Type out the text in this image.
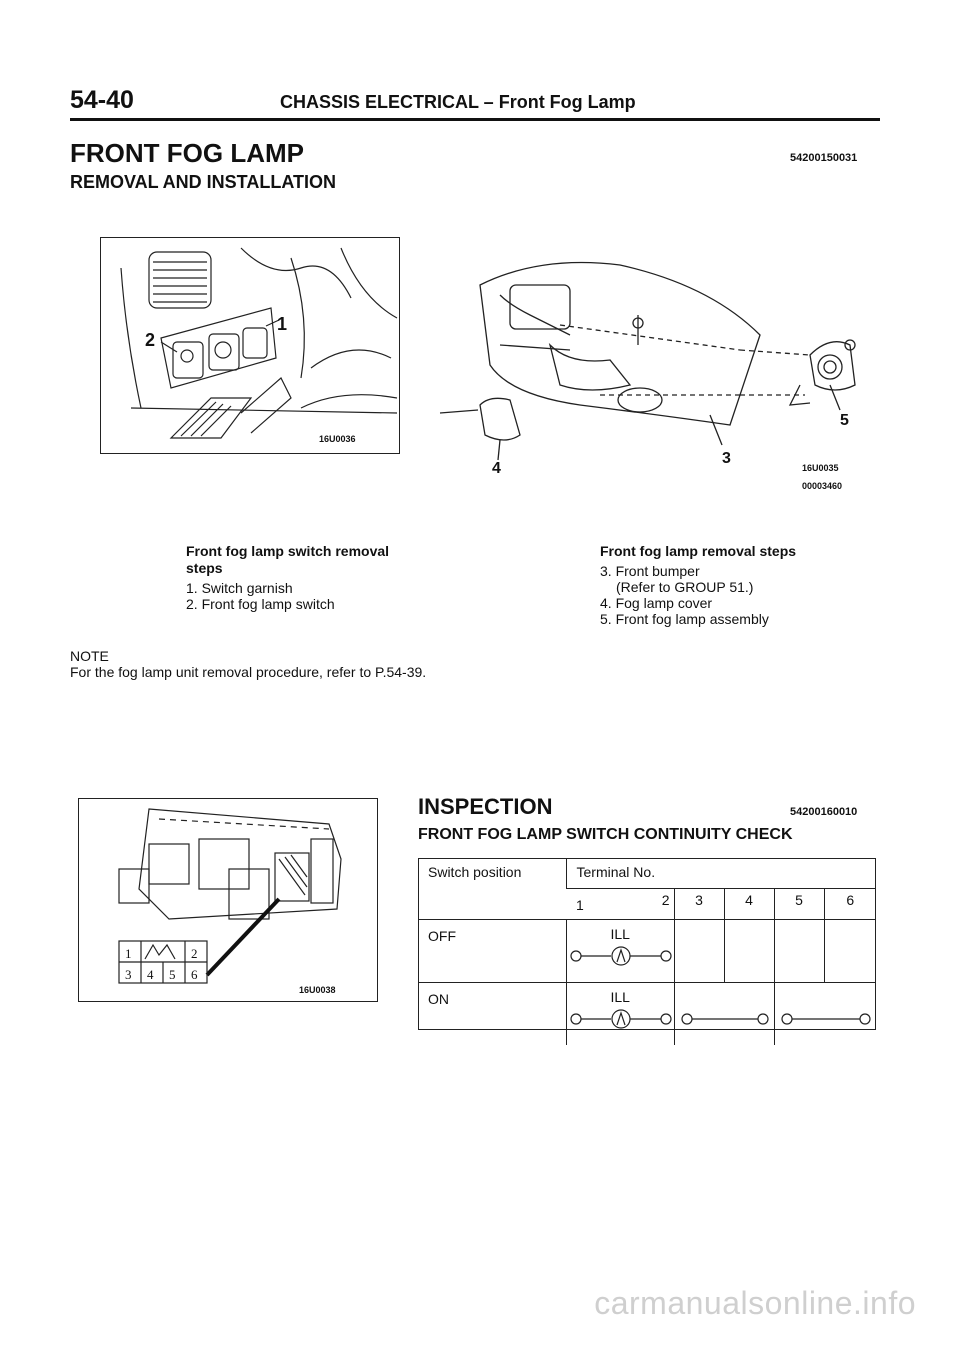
54-40	CHASSIS ELECTRICAL – Front Fog Lamp
FRONT FOG LAMP	54200150031
REMOVAL AND INSTALLATION
2
1
16U0036
4
3
5
16U0035
00003460
Front fog lamp switch removal steps
1. Switch garnish
2. Front fog lamp switch
Front fog lamp removal steps
3. Front bumper
(Refer to GROUP 51.)
4. Fog lamp cover
5. Front fog lamp assembly
NOTE
For the fog lamp unit removal procedure, refer to P.54-39.
1	2
3 4 5 6
16U0038
INSPECTION	54200160010
FRONT FOG LAMP SWITCH CONTINUITY CHECK
Switch position	Terminal No.					
	1	2	3	4	5	6
OFF	ILL					

ON	ILL

carmanualsonline.info
